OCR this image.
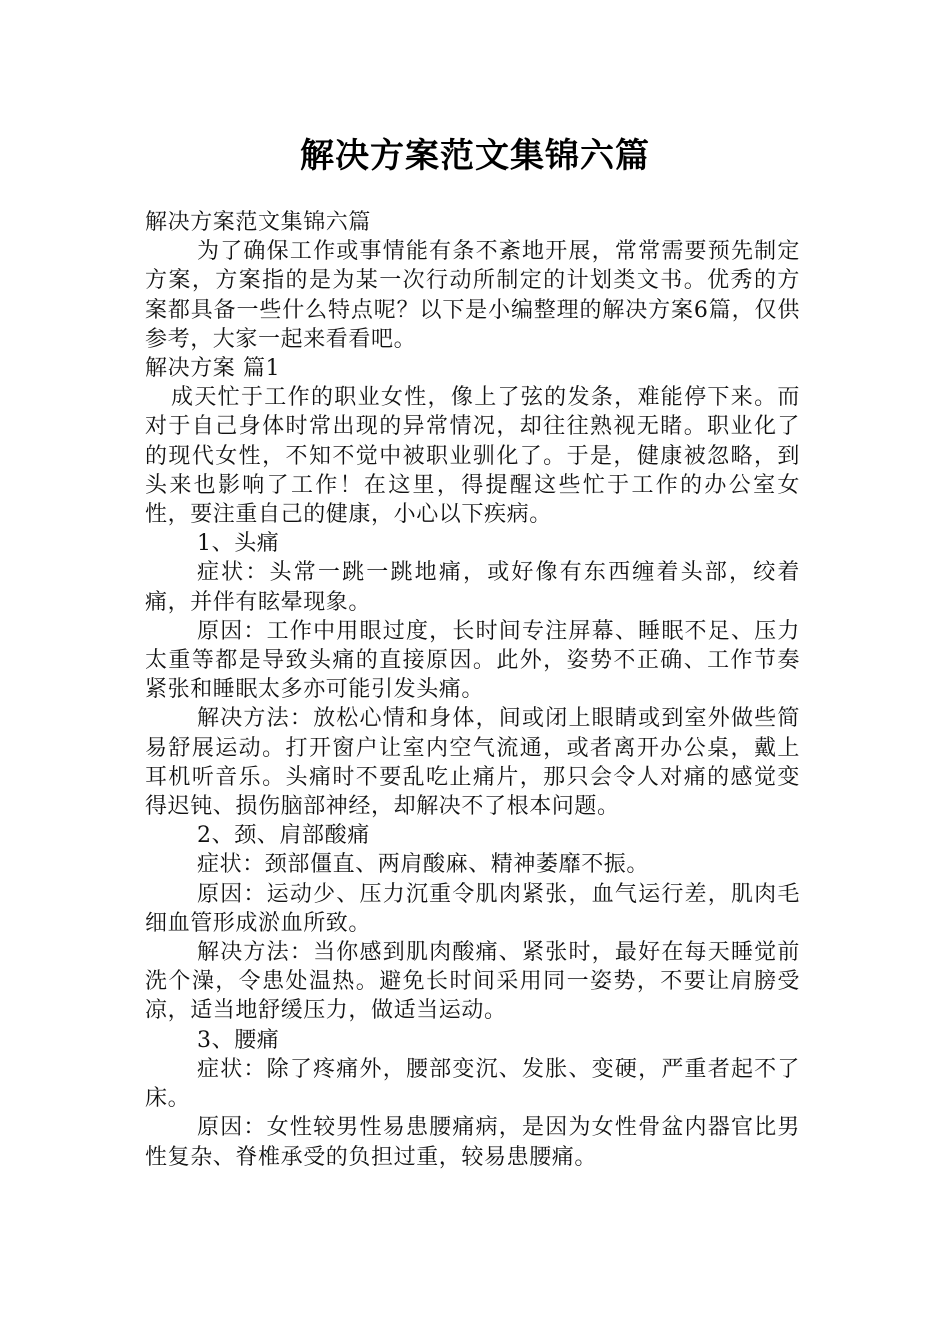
解决方案范文集锦六篇

解决方案范文集锦六篇

为了确保工作或事情能有条不紊地开展，常常需要预先制定方案，方案指的是为某一次行动所制定的计划类文书。优秀的方案都具备一些什么特点呢？以下是小编整理的解决方案6篇，仅供参考，大家一起来看看吧。

解决方案 篇1

成天忙于工作的职业女性，像上了弦的发条，难能停下来。而对于自己身体时常出现的异常情况，却往往熟视无睹。职业化了的现代女性，不知不觉中被职业驯化了。于是，健康被忽略，到头来也影响了工作！在这里，得提醒这些忙于工作的办公室女性，要注重自己的健康，小心以下疾病。

1、头痛

症状：头常一跳一跳地痛，或好像有东西缠着头部，绞着痛，并伴有眩晕现象。

原因：工作中用眼过度，长时间专注屏幕、睡眠不足、压力太重等都是导致头痛的直接原因。此外，姿势不正确、工作节奏紧张和睡眠太多亦可能引发头痛。

解决方法：放松心情和身体，间或闭上眼睛或到室外做些简易舒展运动。打开窗户让室内空气流通，或者离开办公桌，戴上耳机听音乐。头痛时不要乱吃止痛片，那只会令人对痛的感觉变得迟钝、损伤脑部神经，却解决不了根本问题。

2、颈、肩部酸痛

症状：颈部僵直、两肩酸麻、精神萎靡不振。

原因：运动少、压力沉重令肌肉紧张，血气运行差，肌肉毛细血管形成淤血所致。

解决方法：当你感到肌肉酸痛、紧张时，最好在每天睡觉前洗个澡，令患处温热。避免长时间采用同一姿势，不要让肩膀受凉，适当地舒缓压力，做适当运动。

3、腰痛

症状：除了疼痛外，腰部变沉、发胀、变硬，严重者起不了床。

原因：女性较男性易患腰痛病，是因为女性骨盆内器官比男性复杂、脊椎承受的负担过重，较易患腰痛。
